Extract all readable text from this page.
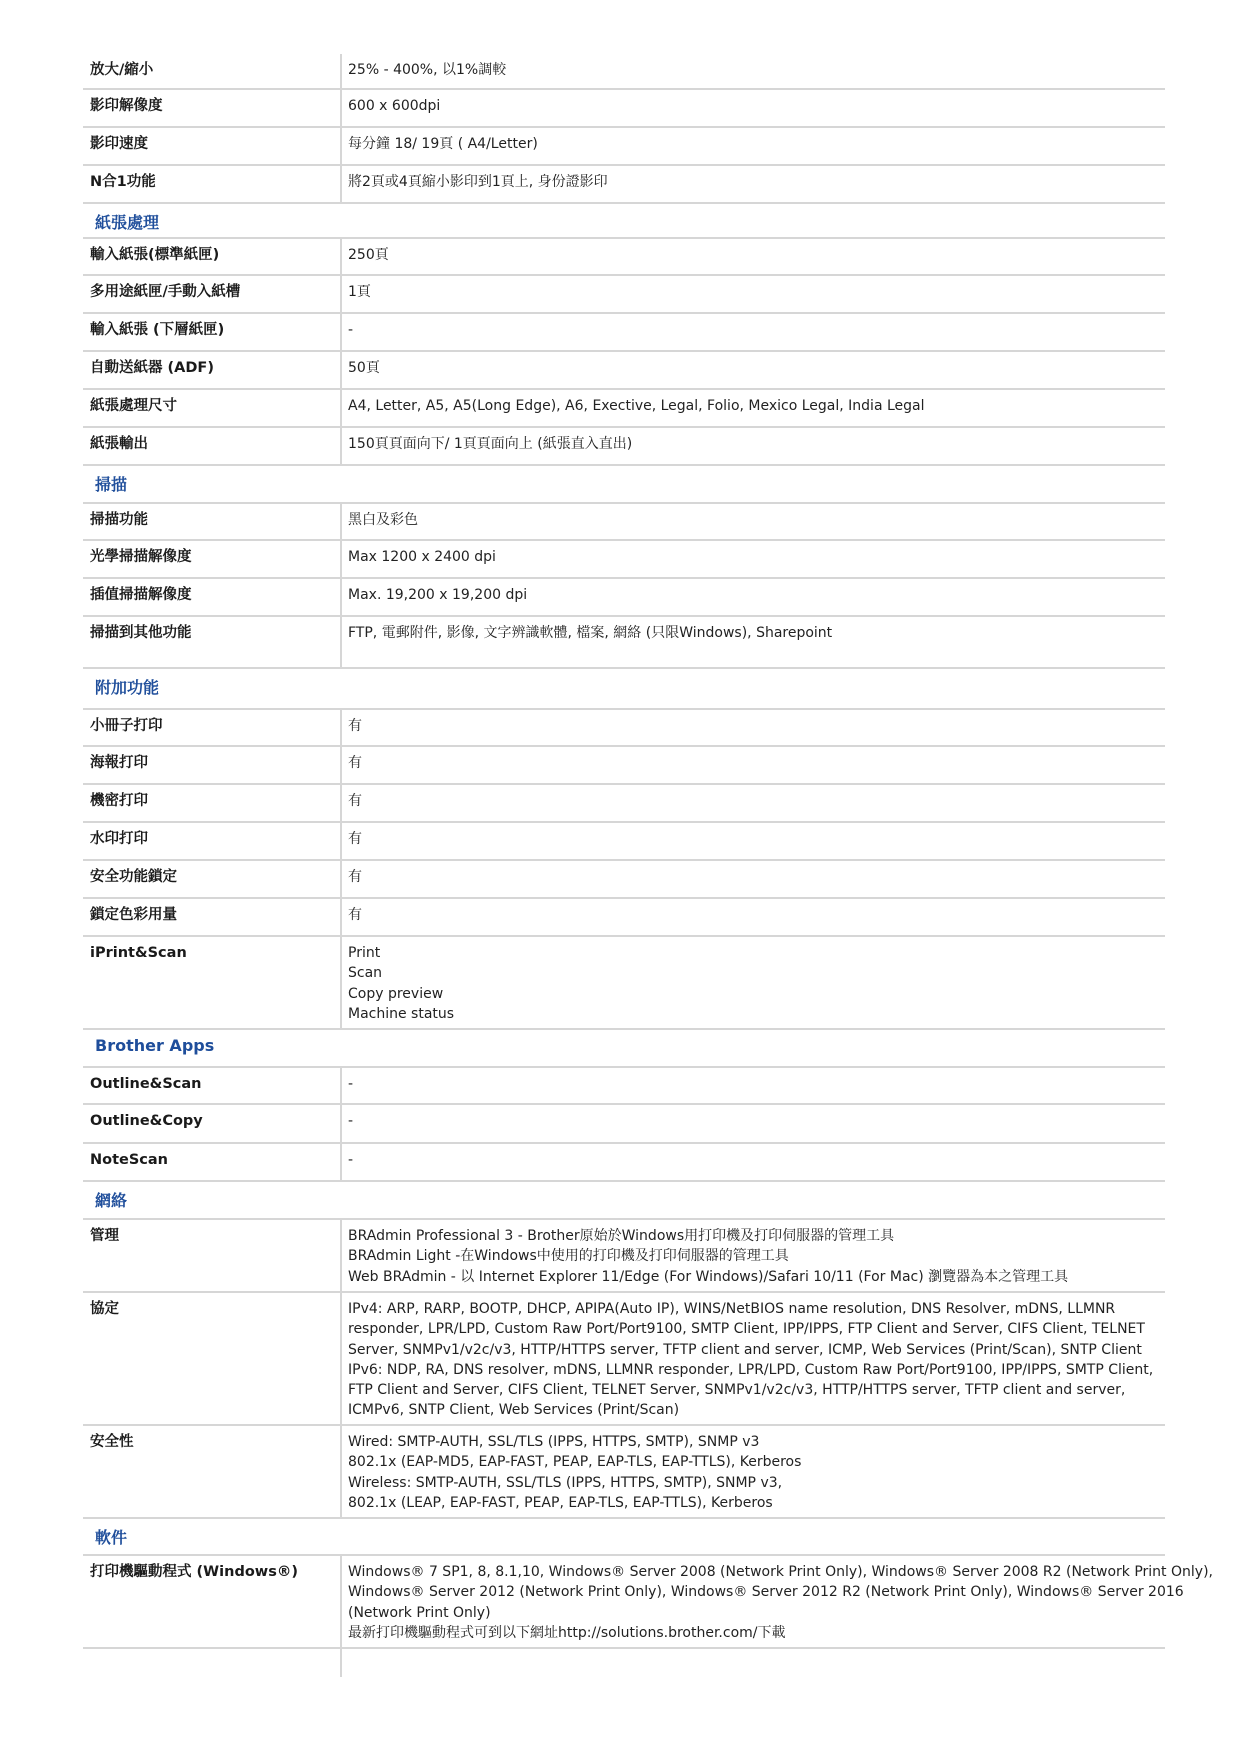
放大/縮小	25% - 400%, 以1%調較
影印解像度	600 x 600dpi
影印速度	每分鐘 18/ 19頁 ( A4/Letter)
N合1功能	將2頁或4頁縮小影印到1頁上, 身份證影印
紙張處理
輸入紙張(標準紙匣)	250頁
多用途紙匣/手動入紙槽	1頁
輸入紙張 (下層紙匣)	-
自動送紙器 (ADF)	50頁
紙張處理尺寸	A4, Letter, A5, A5(Long Edge), A6, Exective, Legal, Folio, Mexico Legal, India Legal
紙張輸出	150頁頁面向下/ 1頁頁面向上 (紙張直入直出)
掃描
掃描功能	黑白及彩色
光學掃描解像度	Max 1200 x 2400 dpi
插值掃描解像度	Max. 19,200 x 19,200 dpi
掃描到其他功能	FTP, 電郵附件, 影像, 文字辨識軟體, 檔案, 網絡 (只限Windows), Sharepoint
附加功能
小冊子打印	有
海報打印	有
機密打印	有
水印打印	有
安全功能鎖定	有
鎖定色彩用量	有
iPrint&Scan	Print
Scan
Copy preview
Machine status
Brother Apps
Outline&Scan	-
Outline&Copy	-
NoteScan	-
網絡
管理	BRAdmin Professional 3 - Brother原始於Windows用打印機及打印伺服器的管理工具
BRAdmin Light -在Windows中使用的打印機及打印伺服器的管理工具
Web BRAdmin - 以 Internet Explorer 11/Edge (For Windows)/Safari 10/11 (For Mac) 瀏覽器為本之管理工具
協定	IPv4: ARP, RARP, BOOTP, DHCP, APIPA(Auto IP), WINS/NetBIOS name resolution, DNS Resolver, mDNS, LLMNR
responder, LPR/LPD, Custom Raw Port/Port9100, SMTP Client, IPP/IPPS, FTP Client and Server, CIFS Client, TELNET
Server, SNMPv1/v2c/v3, HTTP/HTTPS server, TFTP client and server, ICMP, Web Services (Print/Scan), SNTP Client
IPv6: NDP, RA, DNS resolver, mDNS, LLMNR responder, LPR/LPD, Custom Raw Port/Port9100, IPP/IPPS, SMTP Client,
FTP Client and Server, CIFS Client, TELNET Server, SNMPv1/v2c/v3, HTTP/HTTPS server, TFTP client and server,
ICMPv6, SNTP Client, Web Services (Print/Scan)
安全性	Wired: SMTP-AUTH, SSL/TLS (IPPS, HTTPS, SMTP), SNMP v3
802.1x (EAP-MD5, EAP-FAST, PEAP, EAP-TLS, EAP-TTLS), Kerberos
Wireless: SMTP-AUTH, SSL/TLS (IPPS, HTTPS, SMTP), SNMP v3,
802.1x (LEAP, EAP-FAST, PEAP, EAP-TLS, EAP-TTLS), Kerberos
軟件
打印機驅動程式 (Windows®)	Windows® 7 SP1, 8, 8.1,10, Windows® Server 2008 (Network Print Only), Windows® Server 2008 R2 (Network Print Only),
Windows® Server 2012 (Network Print Only), Windows® Server 2012 R2 (Network Print Only), Windows® Server 2016
(Network Print Only)
最新打印機驅動程式可到以下網址http://solutions.brother.com/下載
